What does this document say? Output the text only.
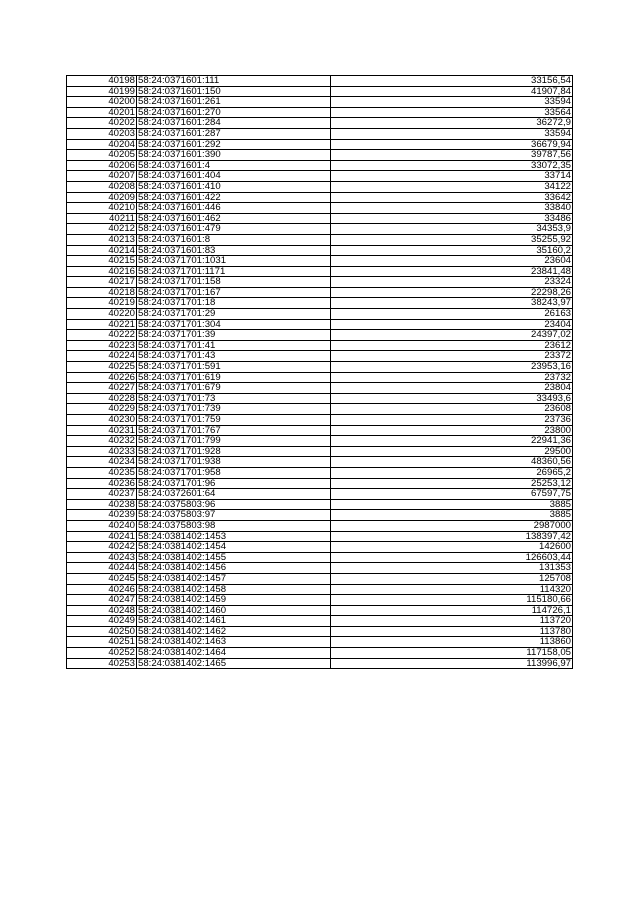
40198	58:24:0371601:111	33156,54
40199	58:24:0371601:150	41907,84
40200	58:24:0371601:261	33594
40201	58:24:0371601:270	33564
40202	58:24:0371601:284	36272,9
40203	58:24:0371601:287	33594
40204	58:24:0371601:292	36679,94
40205	58:24:0371601:390	39787,56
40206	58:24:0371601:4	33072,35
40207	58:24:0371601:404	33714
40208	58:24:0371601:410	34122
40209	58:24:0371601:422	33642
40210	58:24:0371601:446	33840
40211	58:24:0371601:462	33486
40212	58:24:0371601:479	34353,9
40213	58:24:0371601:8	35255,92
40214	58:24:0371601:83	35160,2
40215	58:24:0371701:1031	23604
40216	58:24:0371701:1171	23841,48
40217	58:24:0371701:158	23324
40218	58:24:0371701:167	22298,26
40219	58:24:0371701:18	38243,97
40220	58:24:0371701:29	26163
40221	58:24:0371701:304	23404
40222	58:24:0371701:39	24397,02
40223	58:24:0371701:41	23612
40224	58:24:0371701:43	23372
40225	58:24:0371701:591	23953,16
40226	58:24:0371701:619	23732
40227	58:24:0371701:679	23804
40228	58:24:0371701:73	33493,6
40229	58:24:0371701:739	23608
40230	58:24:0371701:759	23736
40231	58:24:0371701:767	23800
40232	58:24:0371701:799	22941,36
40233	58:24:0371701:928	29500
40234	58:24:0371701:938	48360,56
40235	58:24:0371701:958	26965,2
40236	58:24:0371701:96	25253,12
40237	58:24:0372601:64	67597,75
40238	58:24:0375803:96	3885
40239	58:24:0375803:97	3885
40240	58:24:0375803:98	2987000
40241	58:24:0381402:1453	138397,42
40242	58:24:0381402:1454	142600
40243	58:24:0381402:1455	126603,44
40244	58:24:0381402:1456	131353
40245	58:24:0381402:1457	125708
40246	58:24:0381402:1458	114320
40247	58:24:0381402:1459	115180,66
40248	58:24:0381402:1460	114726,1
40249	58:24:0381402:1461	113720
40250	58:24:0381402:1462	113780
40251	58:24:0381402:1463	113860
40252	58:24:0381402:1464	117158,05
40253	58:24:0381402:1465	113996,97
